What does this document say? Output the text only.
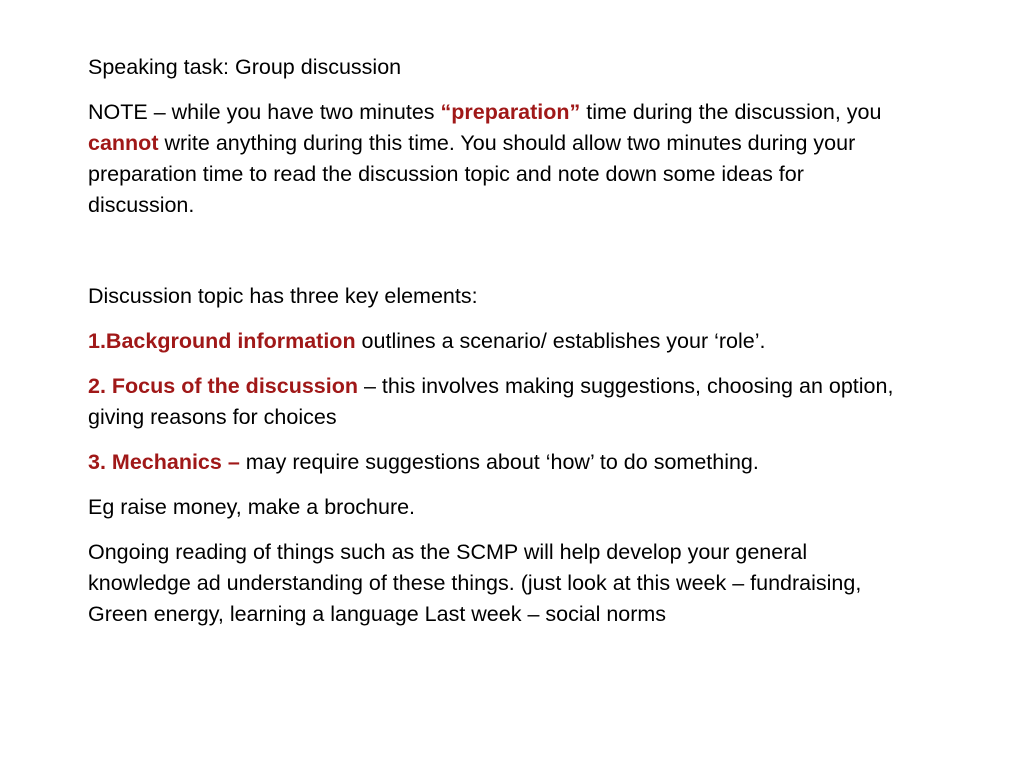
Speaking task: Group discussion

NOTE – while you have two minutes “preparation” time during the discussion, you cannot write anything during this time. You should allow two minutes during your preparation time to read the discussion topic and note down some ideas for discussion.

Discussion topic has three key elements:

1.Background information outlines a scenario/ establishes your ‘role’.

2. Focus of the discussion – this involves making suggestions, choosing an option, giving reasons for choices

3. Mechanics – may require suggestions about ‘how’ to do something.

Eg raise money, make a brochure.

Ongoing reading of things such as the SCMP will help develop your general knowledge ad understanding of these things. (just look at this week – fundraising, Green energy, learning a language Last week – social norms
